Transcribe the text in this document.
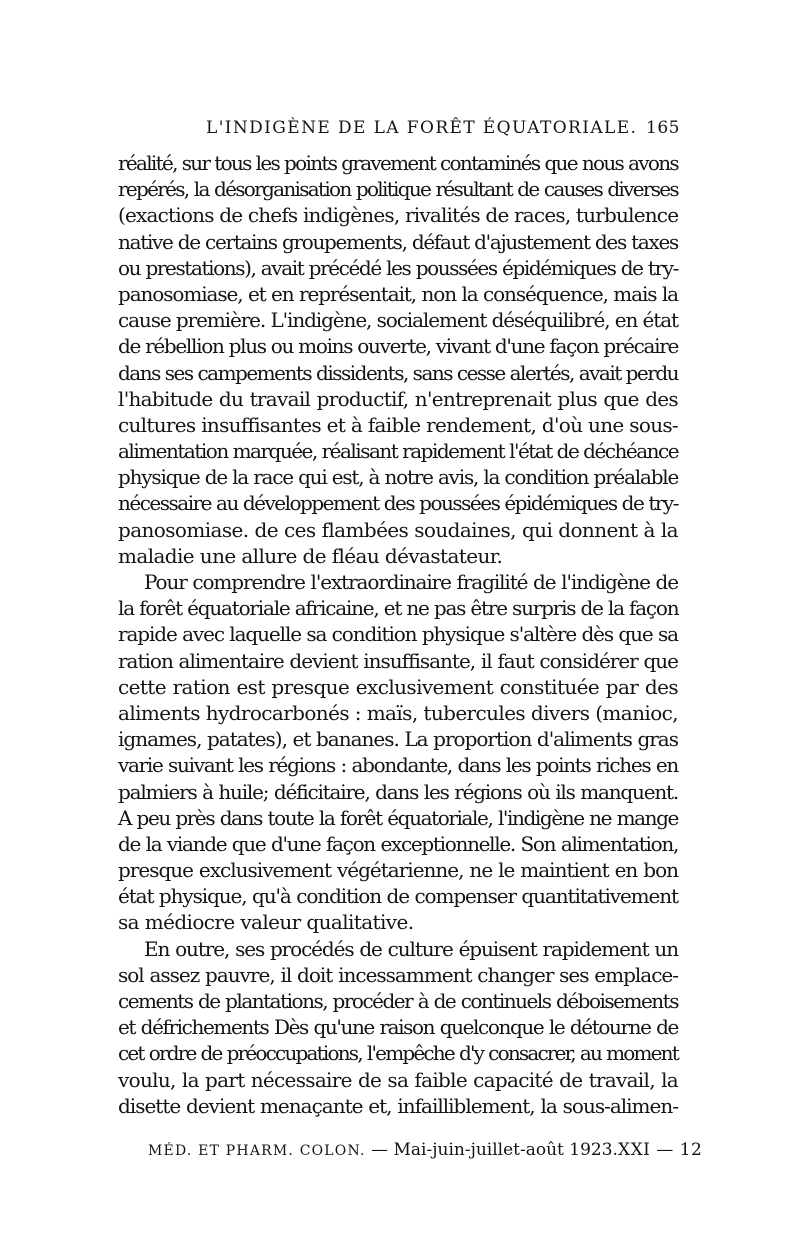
L'INDIGÈNE DE LA FORÊT ÉQUATORIALE. 165
réalité, sur tous les points gravement contaminés que nous avons
repérés, la désorganisation politique résultant de causes diverses
(exactions de chefs indigènes, rivalités de races, turbulence
native de certains groupements, défaut d'ajustement des taxes
ou prestations), avait précédé les poussées épidémiques de try-
panosomiase, et en représentait, non la conséquence, mais la
cause première. L'indigène, socialement déséquilibré, en état
de rébellion plus ou moins ouverte, vivant d'une façon précaire
dans ses campements dissidents, sans cesse alertés, avait perdu
l'habitude du travail productif, n'entreprenait plus que des
cultures insuffisantes et à faible rendement, d'où une sous-
alimentation marquée, réalisant rapidement l'état de déchéance
physique de la race qui est, à notre avis, la condition préalable
nécessaire au développement des poussées épidémiques de try-
panosomiase. de ces flambées soudaines, qui donnent à la
maladie une allure de fléau dévastateur.
Pour comprendre l'extraordinaire fragilité de l'indigène de
la forêt équatoriale africaine, et ne pas être surpris de la façon
rapide avec laquelle sa condition physique s'altère dès que sa
ration alimentaire devient insuffisante, il faut considérer que
cette ration est presque exclusivement constituée par des
aliments hydrocarbonés : maïs, tubercules divers (manioc,
ignames, patates), et bananes. La proportion d'aliments gras
varie suivant les régions : abondante, dans les points riches en
palmiers à huile; déficitaire, dans les régions où ils manquent.
A peu près dans toute la forêt équatoriale, l'indigène ne mange
de la viande que d'une façon exceptionnelle. Son alimentation,
presque exclusivement végétarienne, ne le maintient en bon
état physique, qu'à condition de compenser quantitativement
sa médiocre valeur qualitative.
En outre, ses procédés de culture épuisent rapidement un
sol assez pauvre, il doit incessamment changer ses emplace-
cements de plantations, procéder à de continuels déboisements
et défrichements Dès qu'une raison quelconque le détourne de
cet ordre de préoccupations, l'empêche d'y consacrer, au moment
voulu, la part nécessaire de sa faible capacité de travail, la
disette devient menaçante et, infailliblement, la sous-alimen-
MÉD. ET PHARM. COLON. — Mai-juin-juillet-août 1923. XXI — 12
